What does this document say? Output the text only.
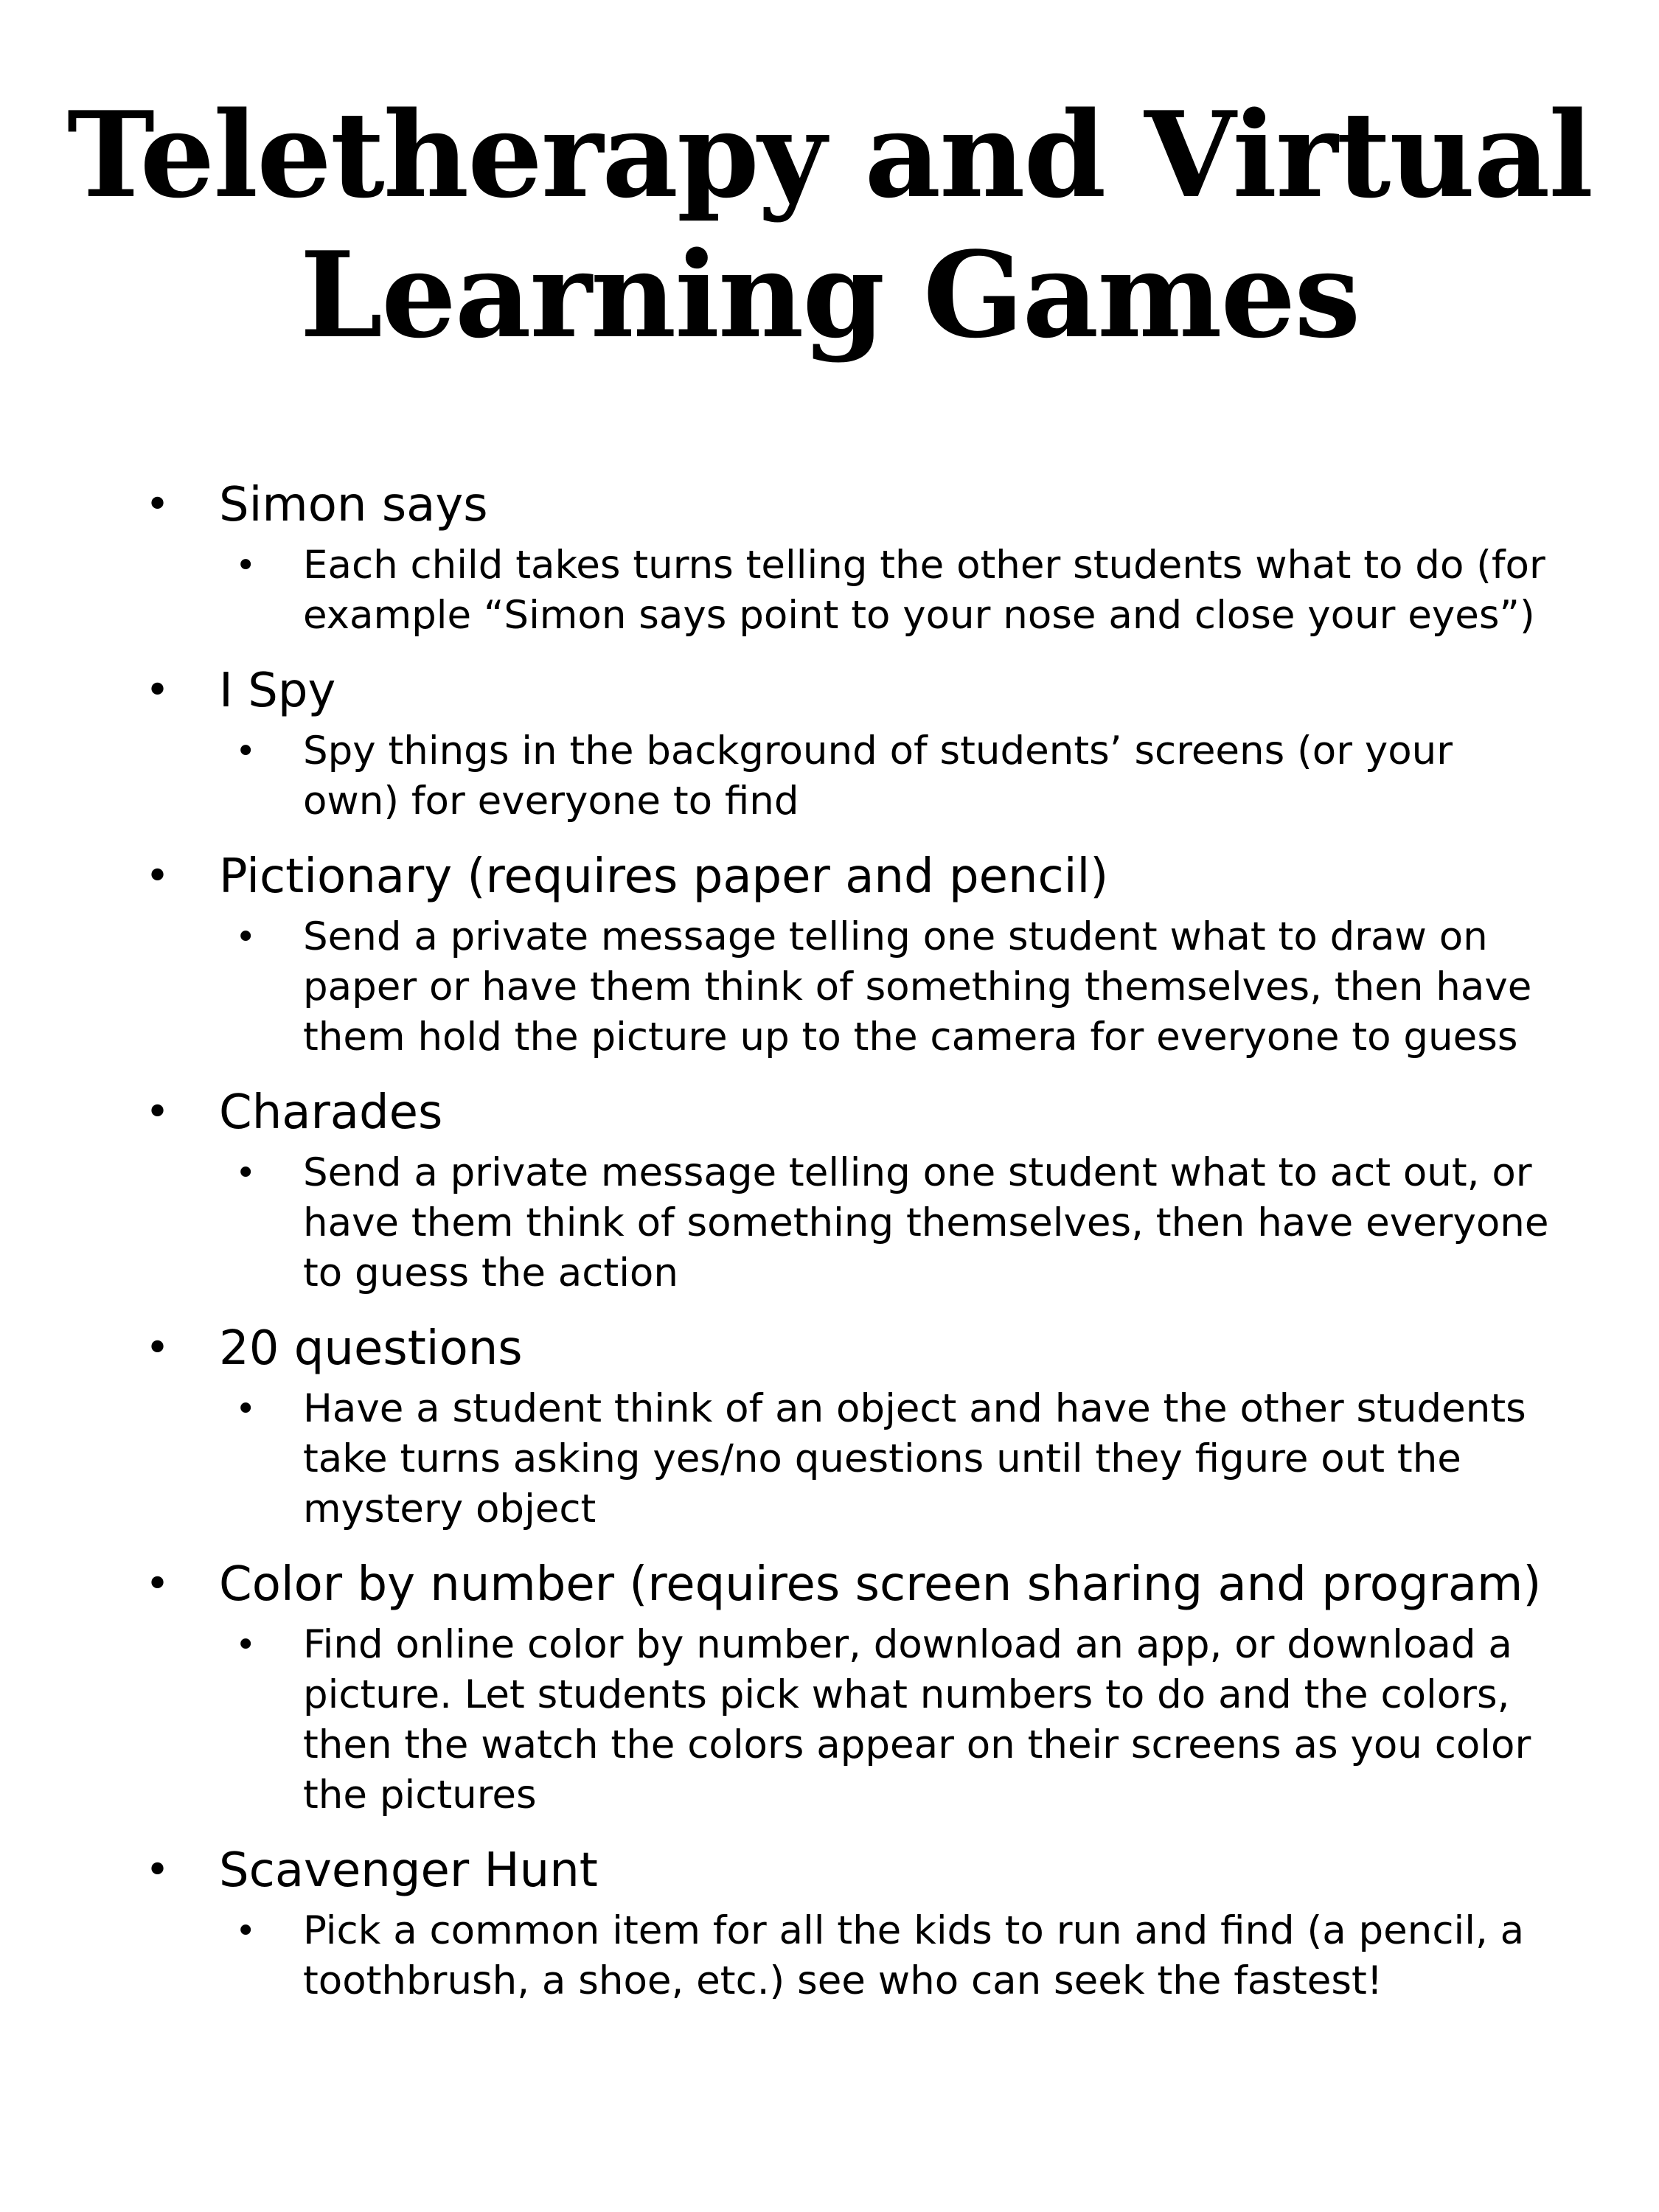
Teletherapy and Virtual
Learning Games
• Simon says
• Each child takes turns telling the other students what to do (for example “Simon says point to your nose and close your eyes”)
• I Spy
• Spy things in the background of students’ screens (or your own) for everyone to find
• Pictionary (requires paper and pencil)
• Send a private message telling one student what to draw on paper or have them think of something themselves, then have them hold the picture up to the camera for everyone to guess
• Charades
• Send a private message telling one student what to act out, or have them think of something themselves, then have everyone to guess the action
• 20 questions
• Have a student think of an object and have the other students take turns asking yes/no questions until they figure out the mystery object
• Color by number (requires screen sharing and program)
• Find online color by number, download an app, or download a picture. Let students pick what numbers to do and the colors, then the watch the colors appear on their screens as you color the pictures
• Scavenger Hunt
• Pick a common item for all the kids to run and find (a pencil, a toothbrush, a shoe, etc.) see who can seek the fastest!
